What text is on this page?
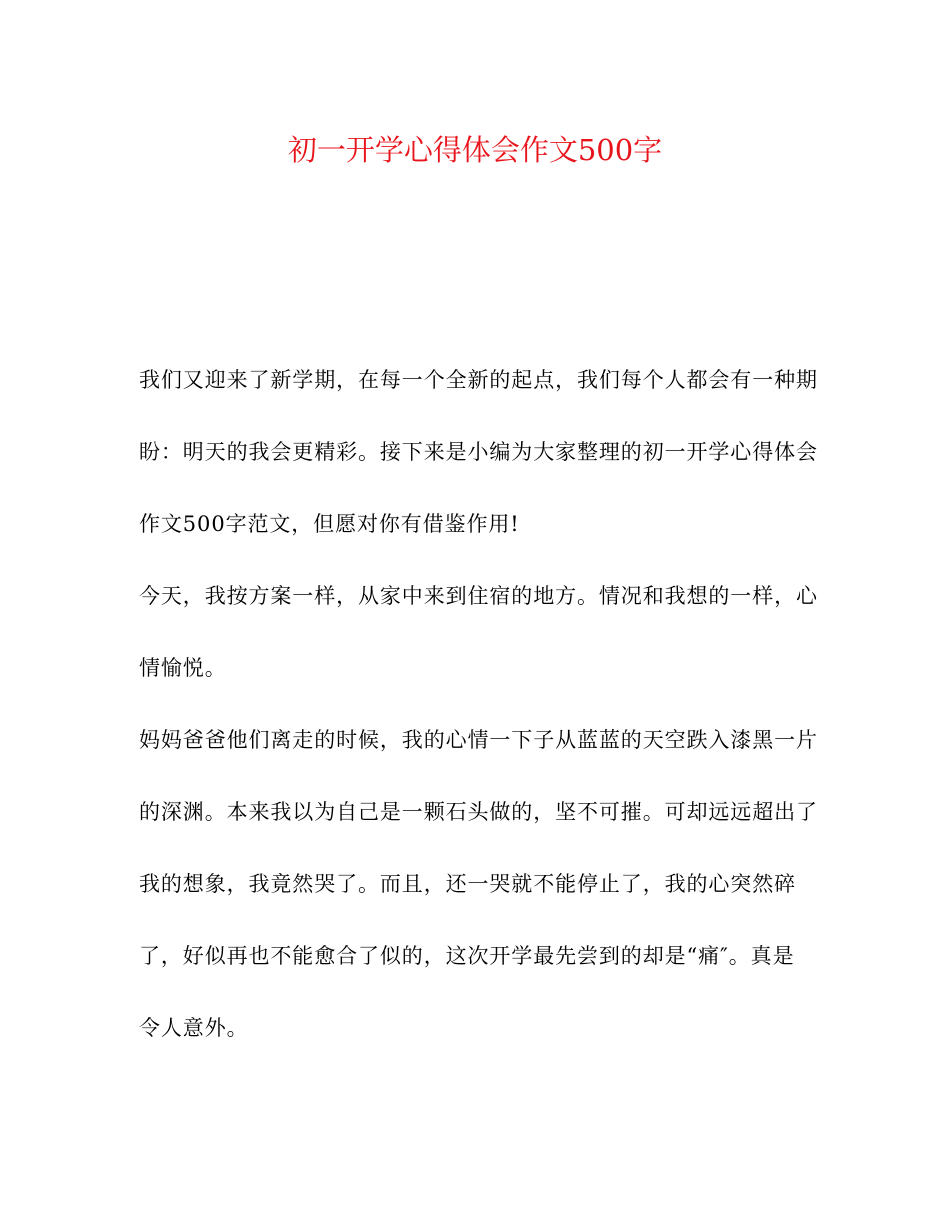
初一开学心得体会作文500字

我们又迎来了新学期，在每一个全新的起点，我们每个人都会有一种期

盼：明天的我会更精彩。接下来是小编为大家整理的初一开学心得体会

作文500字范文，但愿对你有借鉴作用!

今天，我按方案一样，从家中来到住宿的地方。情况和我想的一样，心

情愉悦。

妈妈爸爸他们离走的时候，我的心情一下子从蓝蓝的天空跌入漆黑一片

的深渊。本来我以为自己是一颗石头做的，坚不可摧。可却远远超出了

我的想象，我竟然哭了。而且，还一哭就不能停止了，我的心突然碎

了，好似再也不能愈合了似的，这次开学最先尝到的却是“痛″。真是

令人意外。
